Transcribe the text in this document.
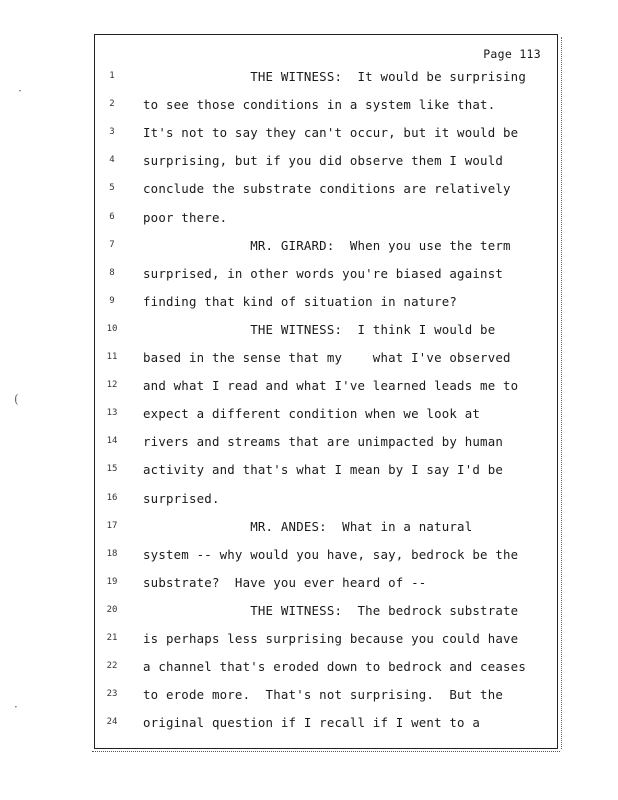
·
(
·
Page 113
1	THE WITNESS:  It would be surprising
2	to see those conditions in a system like that.
3	It's not to say they can't occur, but it would be
4	surprising, but if you did observe them I would
5	conclude the substrate conditions are relatively
6	poor there.
7	MR. GIRARD:  When you use the term
8	surprised, in other words you're biased against
9	finding that kind of situation in nature?
10 THE WITNESS:  I think I would be
11 based in the sense that my    what I've observed
12 and what I read and what I've learned leads me to
13 expect a different condition when we look at
14 rivers and streams that are unimpacted by human
15 activity and that's what I mean by I say I'd be
16 surprised.
17 MR. ANDES:  What in a natural
18 system -- why would you have, say, bedrock be the
19 substrate?  Have you ever heard of --
20 THE WITNESS:  The bedrock substrate
21 is perhaps less surprising because you could have
22 a channel that's eroded down to bedrock and ceases
23 to erode more.  That's not surprising.  But the
24 original question if I recall if I went to a
